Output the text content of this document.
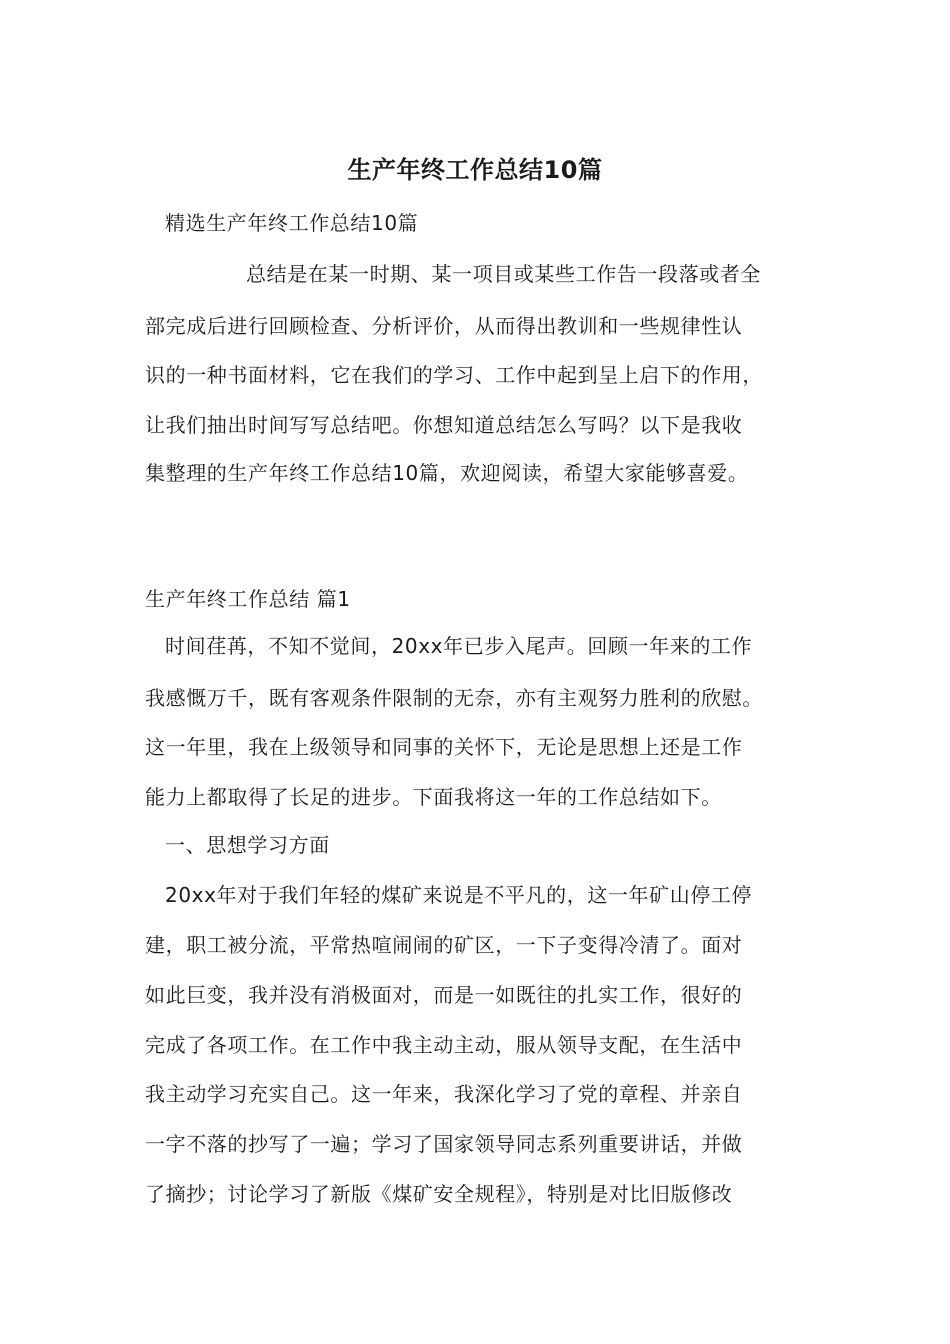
生产年终工作总结10篇
精选生产年终工作总结10篇
总结是在某一时期、某一项目或某些工作告一段落或者全
部完成后进行回顾检查、分析评价，从而得出教训和一些规律性认
识的一种书面材料，它在我们的学习、工作中起到呈上启下的作用，
让我们抽出时间写写总结吧。你想知道总结怎么写吗？以下是我收
集整理的生产年终工作总结10篇，欢迎阅读，希望大家能够喜爱。
生产年终工作总结 篇1
时间荏苒，不知不觉间，20xx年已步入尾声。回顾一年来的工作
我感慨万千，既有客观条件限制的无奈，亦有主观努力胜利的欣慰。
这一年里，我在上级领导和同事的关怀下，无论是思想上还是工作
能力上都取得了长足的进步。下面我将这一年的工作总结如下。
一、思想学习方面
20xx年对于我们年轻的煤矿来说是不平凡的，这一年矿山停工停
建，职工被分流，平常热喧闹闹的矿区，一下子变得冷清了。面对
如此巨变，我并没有消极面对，而是一如既往的扎实工作，很好的
完成了各项工作。在工作中我主动主动，服从领导支配，在生活中
我主动学习充实自己。这一年来，我深化学习了党的章程、并亲自
一字不落的抄写了一遍；学习了国家领导同志系列重要讲话，并做
了摘抄；讨论学习了新版《煤矿安全规程》，特别是对比旧版修改
